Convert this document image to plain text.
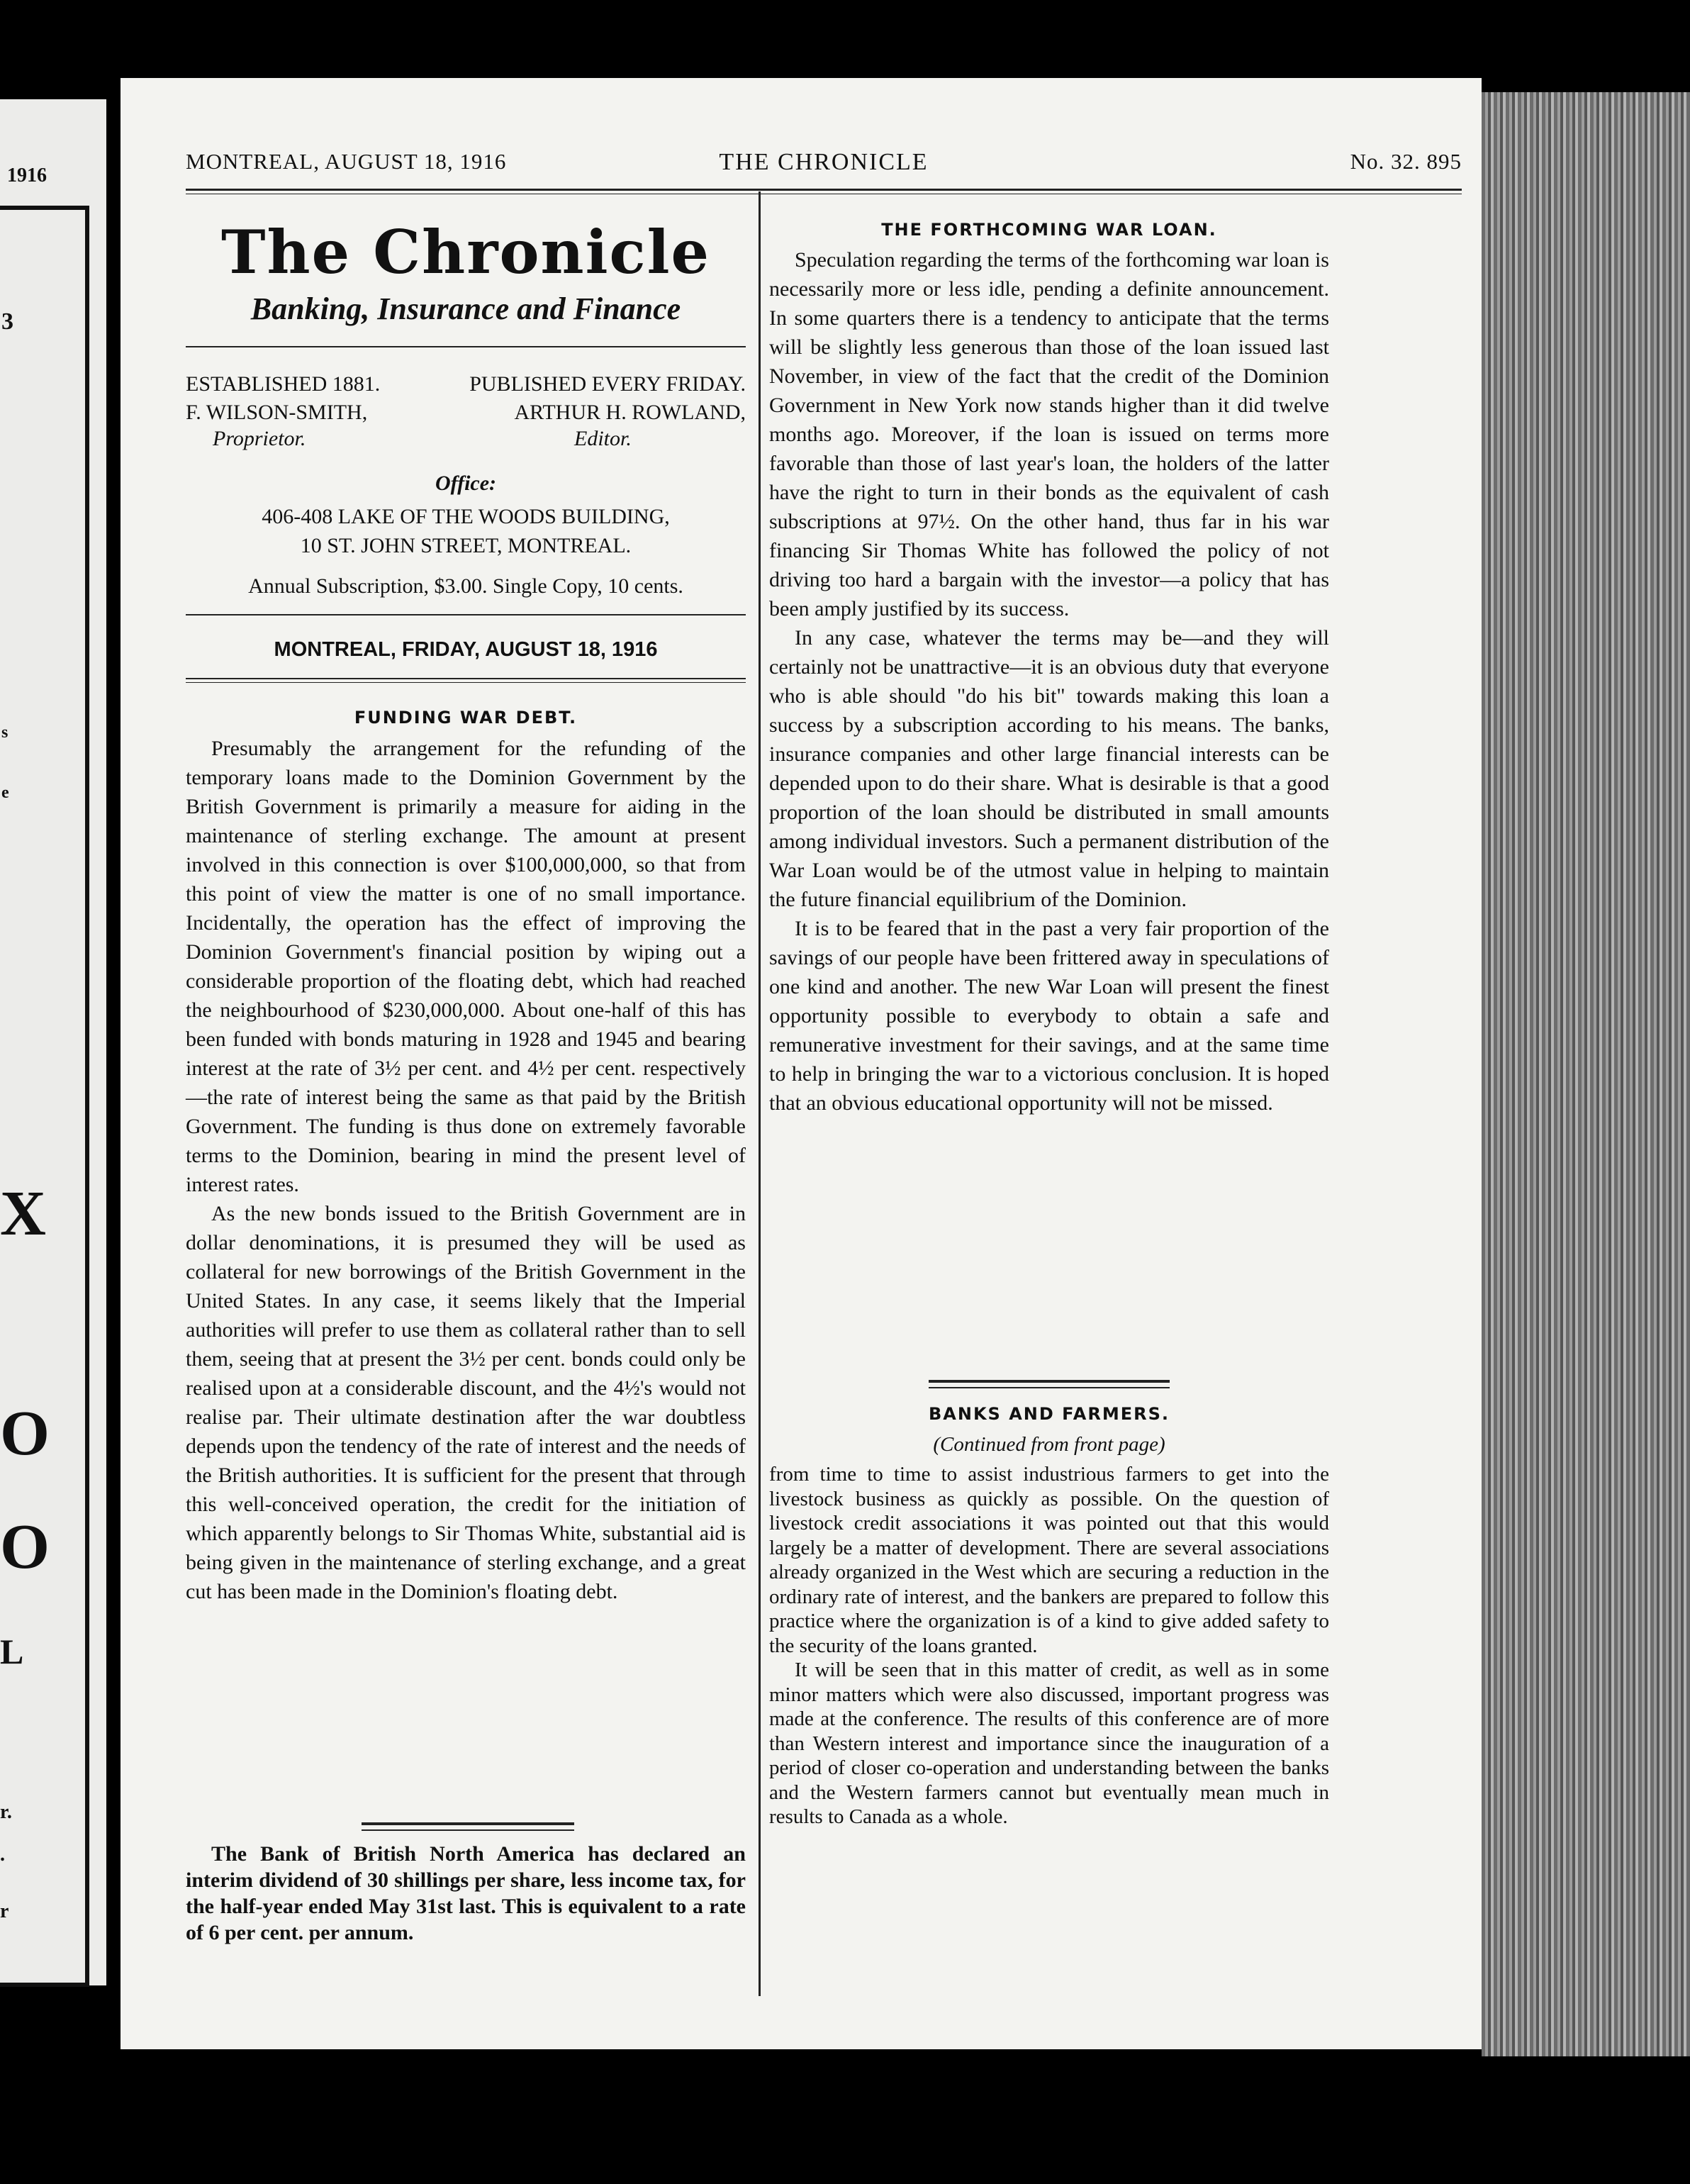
1916
3
s
e
X
O
O
L
r.
.
r
MONTREAL, AUGUST 18, 1916	THE CHRONICLE	No. 32. 895
The Chronicle
Banking, Insurance and Finance
ESTABLISHED 1881.	PUBLISHED EVERY FRIDAY.
F. WILSON-SMITH,	ARTHUR H. ROWLAND,
Proprietor.	Editor.
Office:
406-408 LAKE OF THE WOODS BUILDING,
10 ST. JOHN STREET, MONTREAL.
Annual Subscription, $3.00. Single Copy, 10 cents.
MONTREAL, FRIDAY, AUGUST 18, 1916
FUNDING WAR DEBT.

Presumably the arrangement for the refunding of the temporary loans made to the Dominion Government by the British Government is primarily a measure for aiding in the maintenance of sterling exchange. The amount at present involved in this connection is over $100,000,000, so that from this point of view the matter is one of no small importance. Incidentally, the operation has the effect of improving the Dominion Government's financial position by wiping out a considerable proportion of the floating debt, which had reached the neighbourhood of $230,000,000. About one-half of this has been funded with bonds maturing in 1928 and 1945 and bearing interest at the rate of 3½ per cent. and 4½ per cent. respectively—the rate of interest being the same as that paid by the British Government. The funding is thus done on extremely favorable terms to the Dominion, bearing in mind the present level of interest rates.

As the new bonds issued to the British Government are in dollar denominations, it is presumed they will be used as collateral for new borrowings of the British Government in the United States. In any case, it seems likely that the Imperial authorities will prefer to use them as collateral rather than to sell them, seeing that at present the 3½ per cent. bonds could only be realised upon at a considerable discount, and the 4½'s would not realise par. Their ultimate destination after the war doubtless depends upon the tendency of the rate of interest and the needs of the British authorities. It is sufficient for the present that through this well-conceived operation, the credit for the initiation of which apparently belongs to Sir Thomas White, substantial aid is being given in the maintenance of sterling exchange, and a great cut has been made in the Dominion's floating debt.

The Bank of British North America has declared an interim dividend of 30 shillings per share, less income tax, for the half-year ended May 31st last. This is equivalent to a rate of 6 per cent. per annum.

THE FORTHCOMING WAR LOAN.

Speculation regarding the terms of the forthcoming war loan is necessarily more or less idle, pending a definite announcement. In some quarters there is a tendency to anticipate that the terms will be slightly less generous than those of the loan issued last November, in view of the fact that the credit of the Dominion Government in New York now stands higher than it did twelve months ago. Moreover, if the loan is issued on terms more favorable than those of last year's loan, the holders of the latter have the right to turn in their bonds as the equivalent of cash subscriptions at 97½. On the other hand, thus far in his war financing Sir Thomas White has followed the policy of not driving too hard a bargain with the investor—a policy that has been amply justified by its success.

In any case, whatever the terms may be—and they will certainly not be unattractive—it is an obvious duty that everyone who is able should "do his bit" towards making this loan a success by a subscription according to his means. The banks, insurance companies and other large financial interests can be depended upon to do their share. What is desirable is that a good proportion of the loan should be distributed in small amounts among individual investors. Such a permanent distribution of the War Loan would be of the utmost value in helping to maintain the future financial equilibrium of the Dominion.

It is to be feared that in the past a very fair proportion of the savings of our people have been frittered away in speculations of one kind and another. The new War Loan will present the finest opportunity possible to everybody to obtain a safe and remunerative investment for their savings, and at the same time to help in bringing the war to a victorious conclusion. It is hoped that an obvious educational opportunity will not be missed.

BANKS AND FARMERS.
(Continued from front page)

from time to time to assist industrious farmers to get into the livestock business as quickly as possible. On the question of livestock credit associations it was pointed out that this would largely be a matter of development. There are several associations already organized in the West which are securing a reduction in the ordinary rate of interest, and the bankers are prepared to follow this practice where the organization is of a kind to give added safety to the security of the loans granted.

It will be seen that in this matter of credit, as well as in some minor matters which were also discussed, important progress was made at the conference. The results of this conference are of more than Western interest and importance since the inauguration of a period of closer co-operation and understanding between the banks and the Western farmers cannot but eventually mean much in results to Canada as a whole.
